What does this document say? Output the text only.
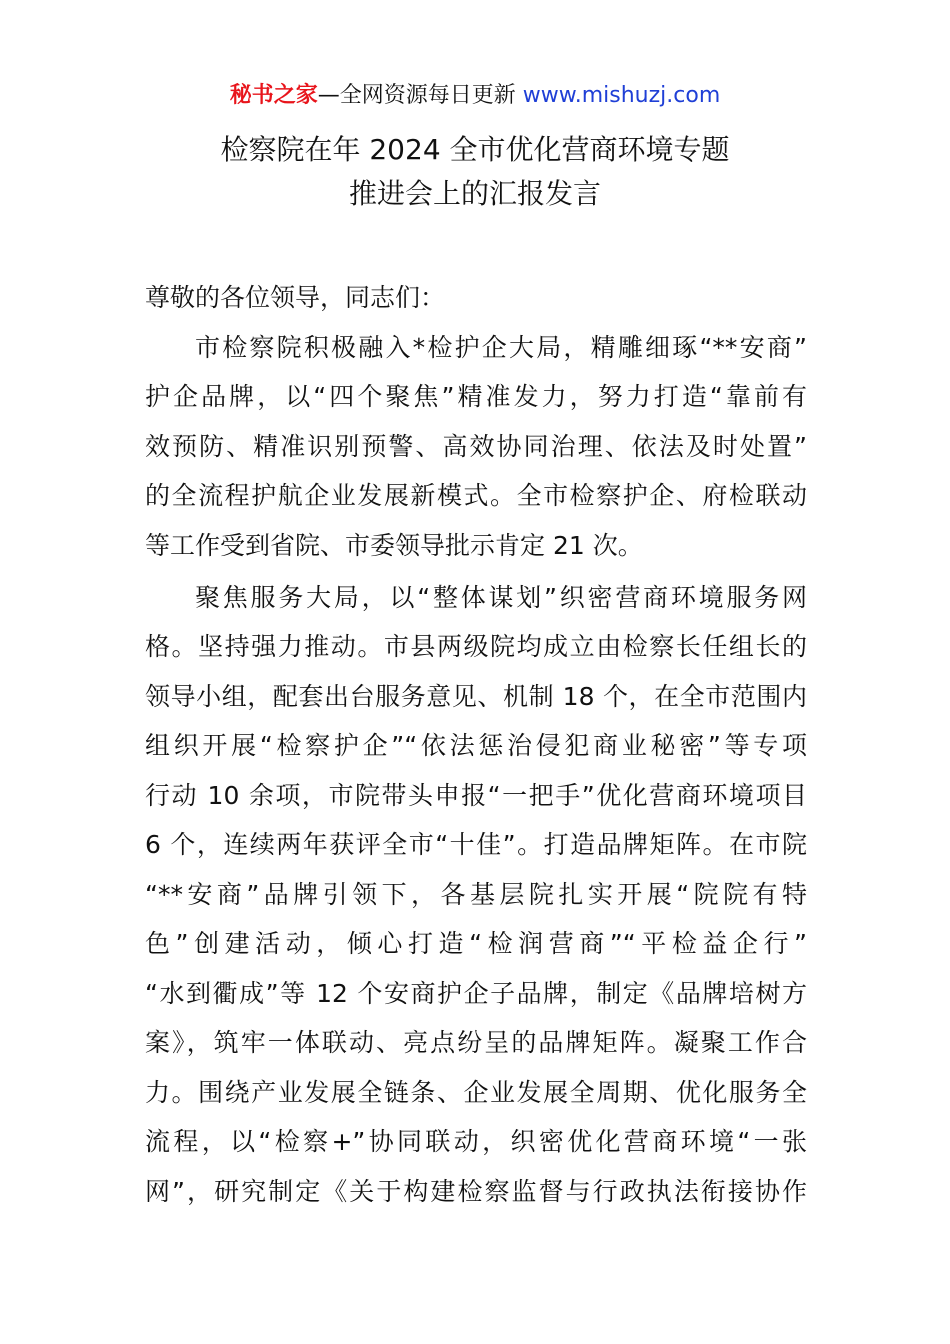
秘书之家—全网资源每日更新 www.mishuzj.com
检察院在年 2024 全市优化营商环境专题
推进会上的汇报发言
尊敬的各位领导，同志们：
市检察院积极融入*检护企大局，精雕细琢“**安商”
护企品牌，以“四个聚焦”精准发力，努力打造“靠前有
效预防、精准识别预警、高效协同治理、依法及时处置”
的全流程护航企业发展新模式。全市检察护企、府检联动
等工作受到省院、市委领导批示肯定 21 次。
聚焦服务大局，以“整体谋划”织密营商环境服务网
格。坚持强力推动。市县两级院均成立由检察长任组长的
领导小组，配套出台服务意见、机制 18 个，在全市范围内
组织开展“检察护企”“依法惩治侵犯商业秘密”等专项
行动 10 余项，市院带头申报“一把手”优化营商环境项目
6 个，连续两年获评全市“十佳”。打造品牌矩阵。在市院
“**安商”品牌引领下，各基层院扎实开展“院院有特
色”创建活动，倾心打造“检润营商”“平检益企行”
“水到衢成”等 12 个安商护企子品牌，制定《品牌培树方
案》，筑牢一体联动、亮点纷呈的品牌矩阵。凝聚工作合
力。围绕产业发展全链条、企业发展全周期、优化服务全
流程，以“检察+”协同联动，织密优化营商环境“一张
网”，研究制定《关于构建检察监督与行政执法衔接协作
